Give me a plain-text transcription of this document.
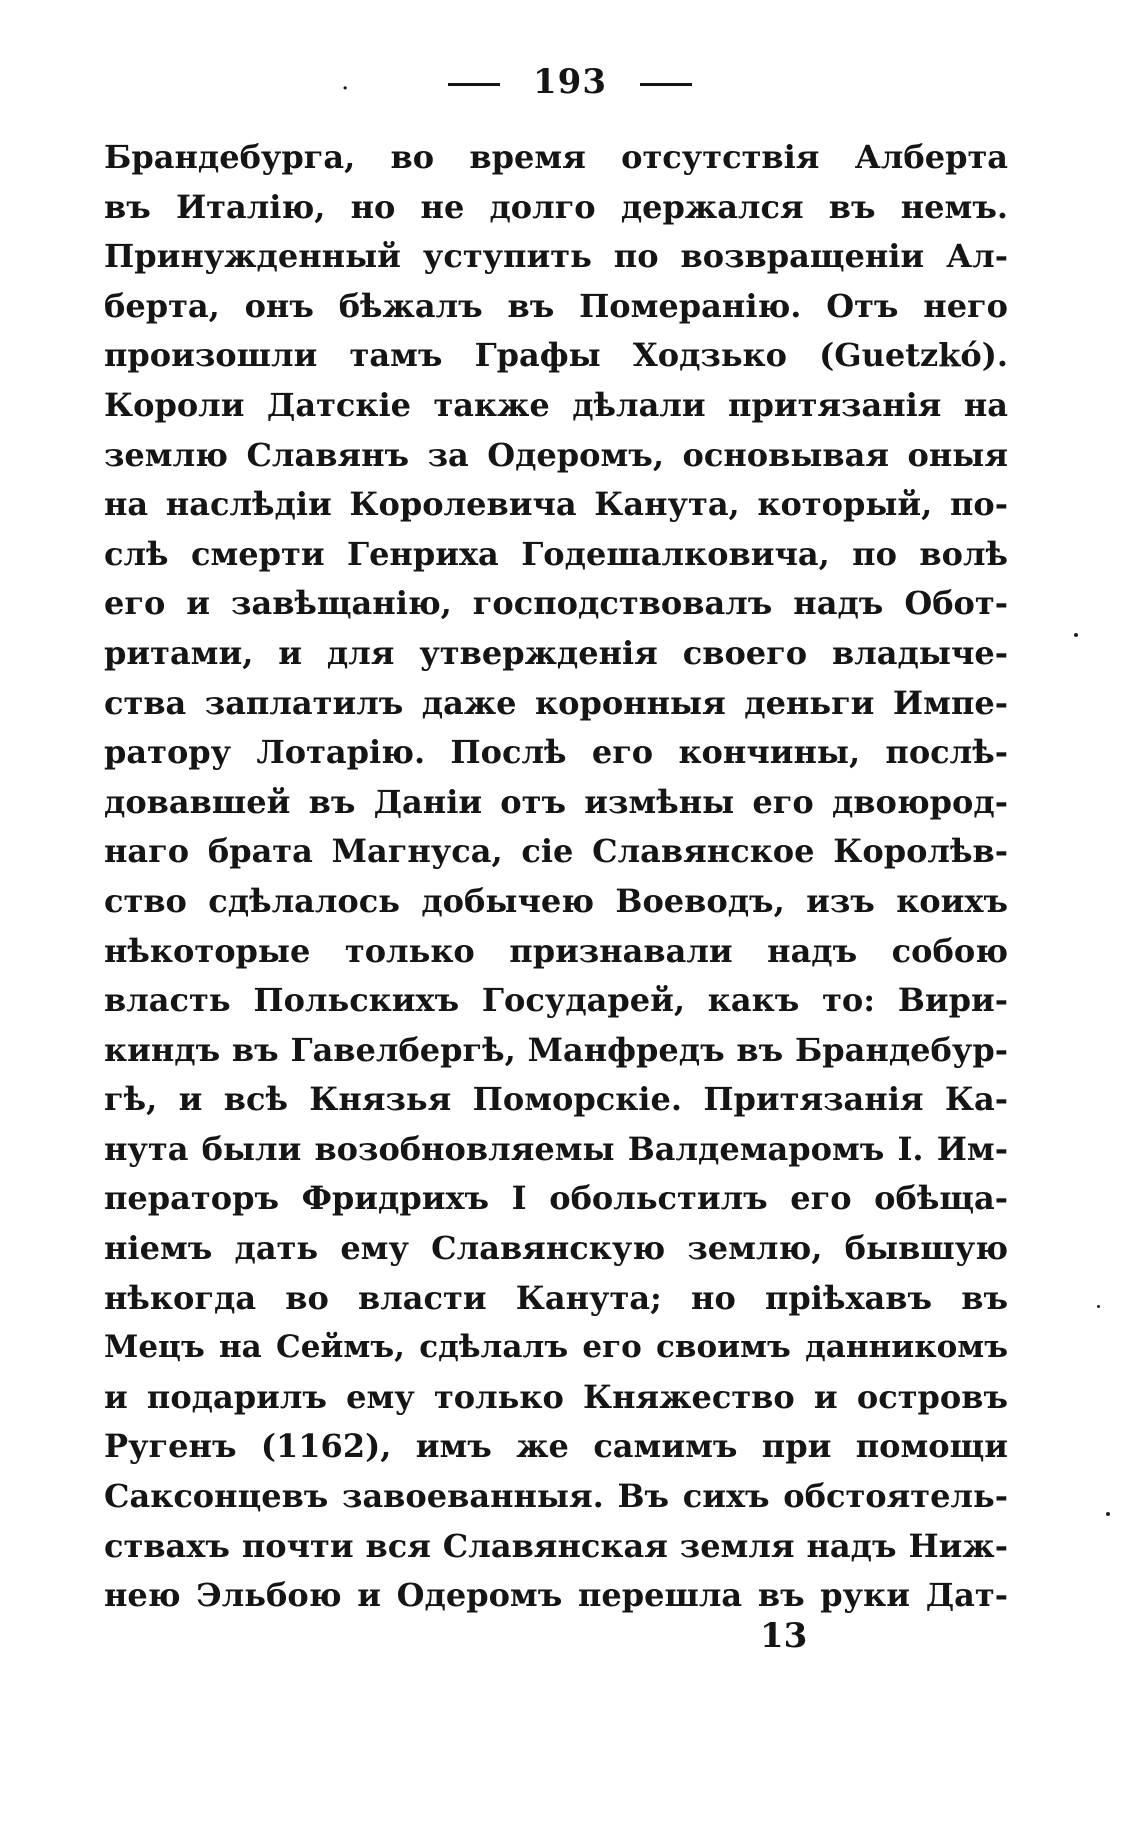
·	193
Брандебурга, во время отсутствія Алберта
въ Италію, но не долго держался въ немъ.
Принужденный уступить по возвращеніи Ал-
берта, онъ бѣжалъ въ Померанію. Отъ него
произошли тамъ Графы Ходзько (Guetzkó).
Короли Датскіе также дѣлали притязанія на
землю Славянъ за Одеромъ, основывая оныя
на наслѣдіи Королевича Канута, который, по-
слѣ смерти Генриха Годешалковича, по волѣ
его и завѣщанію, господствовалъ надъ Обот-
ритами, и для утвержденія своего владыче-
ства заплатилъ даже коронныя деньги Импе-
ратору Лотарію. Послѣ его кончины, послѣ-
довавшей въ Даніи отъ измѣны его двоюрод-
наго брата Магнуса, сіе Славянское Королѣв-
ство сдѣлалось добычею Воеводъ, изъ коихъ
нѣкоторые только признавали надъ собою
власть Польскихъ Государей, какъ то: Вири-
киндъ въ Гавелбергѣ, Манфредъ въ Брандебур-
гѣ, и всѣ Князья Поморскіе. Притязанія Ка-
нута были возобновляемы Валдемаромъ I. Им-
ператоръ Фридрихъ I обольстилъ его обѣща-
ніемъ дать ему Славянскую землю, бывшую
нѣкогда во власти Канута; но пріѣхавъ въ
Мецъ на Сеймъ, сдѣлалъ его своимъ данникомъ
и подарилъ ему только Княжество и островъ
Ругенъ (1162), имъ же самимъ при помощи
Саксонцевъ завоеванныя. Въ сихъ обстоятель-
ствахъ почти вся Славянская земля надъ Ниж-
нею Эльбою и Одеромъ перешла въ руки Дат-
13
